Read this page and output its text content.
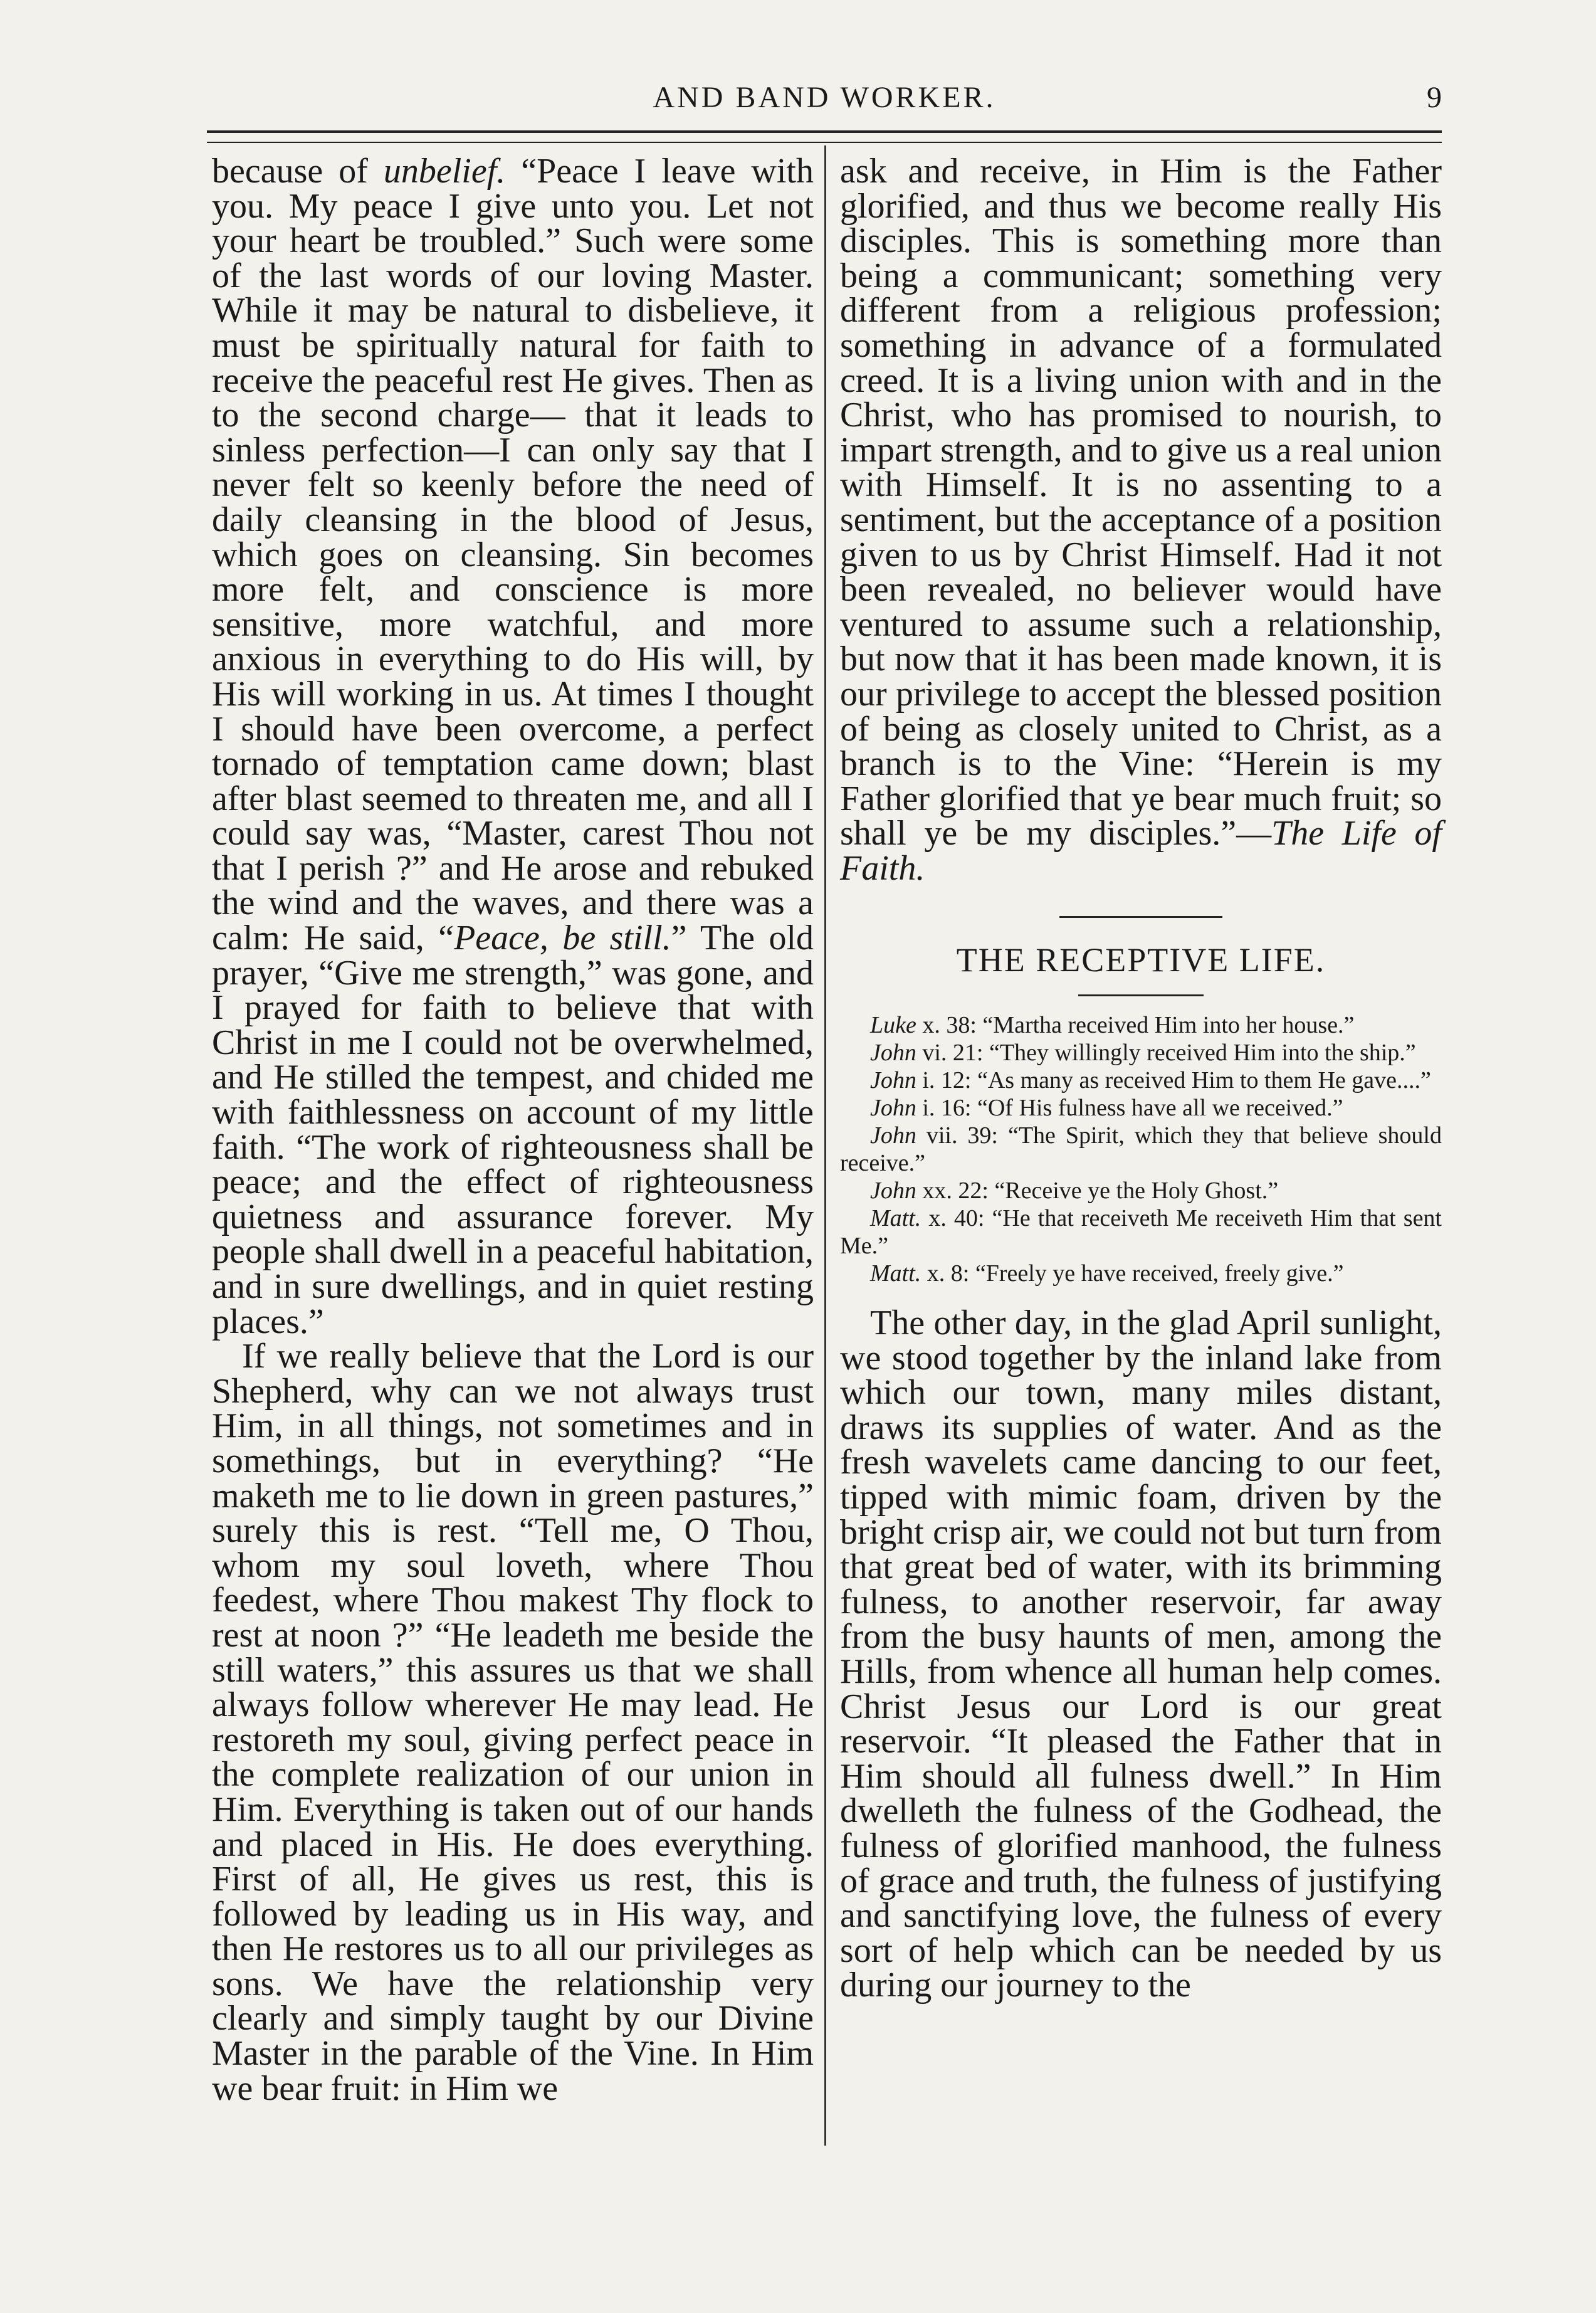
AND BAND WORKER.	9

because of unbelief. “Peace I leave with you. My peace I give unto you. Let not your heart be troubled.” Such were some of the last words of our loving Master. While it may be natural to disbelieve, it must be spiritually natural for faith to receive the peaceful rest He gives. Then as to the second charge— that it leads to sinless perfection—I can only say that I never felt so keenly before the need of daily cleansing in the blood of Jesus, which goes on cleansing. Sin becomes more felt, and conscience is more sensitive, more watchful, and more anxious in everything to do His will, by His will working in us. At times I thought I should have been overcome, a perfect tornado of temptation came down; blast after blast seemed to threaten me, and all I could say was, “Master, carest Thou not that I perish ?” and He arose and rebuked the wind and the waves, and there was a calm: He said, “Peace, be still.” The old prayer, “Give me strength,” was gone, and I prayed for faith to believe that with Christ in me I could not be overwhelmed, and He stilled the tempest, and chided me with faithlessness on account of my little faith. “The work of righteousness shall be peace; and the effect of righteousness quietness and assurance forever. My people shall dwell in a peaceful habitation, and in sure dwellings, and in quiet resting places.”

If we really believe that the Lord is our Shepherd, why can we not always trust Him, in all things, not sometimes and in somethings, but in everything? “He maketh me to lie down in green pastures,” surely this is rest. “Tell me, O Thou, whom my soul loveth, where Thou feedest, where Thou makest Thy flock to rest at noon ?” “He leadeth me beside the still waters,” this assures us that we shall always follow wherever He may lead. He restoreth my soul, giving perfect peace in the complete realization of our union in Him. Everything is taken out of our hands and placed in His. He does everything. First of all, He gives us rest, this is followed by leading us in His way, and then He restores us to all our privileges as sons. We have the relationship very clearly and simply taught by our Divine Master in the parable of the Vine. In Him we bear fruit: in Him we

ask and receive, in Him is the Father glorified, and thus we become really His disciples. This is something more than being a communicant; something very different from a religious profession; something in advance of a formulated creed. It is a living union with and in the Christ, who has promised to nourish, to impart strength, and to give us a real union with Himself. It is no assenting to a sentiment, but the acceptance of a position given to us by Christ Himself. Had it not been revealed, no believer would have ventured to assume such a relationship, but now that it has been made known, it is our privilege to accept the blessed position of being as closely united to Christ, as a branch is to the Vine: “Herein is my Father glorified that ye bear much fruit; so shall ye be my disciples.”—The Life of Faith.

THE RECEPTIVE LIFE.
Luke x. 38: “Martha received Him into her house.”
John vi. 21: “They willingly received Him into the ship.”
John i. 12: “As many as received Him to them He gave....”
John i. 16: “Of His fulness have all we received.”
John vii. 39: “The Spirit, which they that believe should receive.”
John xx. 22: “Receive ye the Holy Ghost.”
Matt. x. 40: “He that receiveth Me receiveth Him that sent Me.”
Matt. x. 8: “Freely ye have received, freely give.”

The other day, in the glad April sunlight, we stood together by the inland lake from which our town, many miles distant, draws its supplies of water. And as the fresh wavelets came dancing to our feet, tipped with mimic foam, driven by the bright crisp air, we could not but turn from that great bed of water, with its brimming fulness, to another reservoir, far away from the busy haunts of men, among the Hills, from whence all human help comes. Christ Jesus our Lord is our great reservoir. “It pleased the Father that in Him should all fulness dwell.” In Him dwelleth the fulness of the Godhead, the fulness of glorified manhood, the fulness of grace and truth, the fulness of justifying and sanctifying love, the fulness of every sort of help which can be needed by us during our journey to the
